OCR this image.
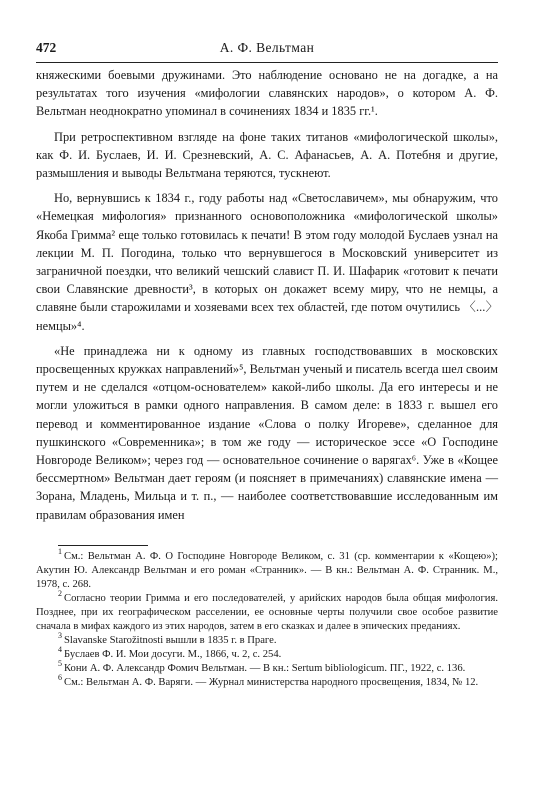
472	А. Ф. Вельтман

княжескими боевыми дружинами. Это наблюдение основано не на догадке, а на результатах того изучения «мифологии славянских народов», о котором А. Ф. Вельтман неоднократно упоминал в сочинениях 1834 и 1835 гг.¹.

При ретроспективном взгляде на фоне таких титанов «мифологической школы», как Ф. И. Буслаев, И. И. Срезневский, А. С. Афанасьев, А. А. Потебня и другие, размышления и выводы Вельтмана теряются, тускнеют.

Но, вернувшись к 1834 г., году работы над «Светославичем», мы обнаружим, что «Немецкая мифология» признанного основоположника «мифологической школы» Якоба Гримма² еще только готовилась к печати! В этом году молодой Буслаев узнал на лекции М. П. Погодина, только что вернувшегося в Московский университет из заграничной поездки, что великий чешский славист П. И. Шафарик «готовит к печати свои Славянские древности³, в которых он докажет всему миру, что не немцы, а славяне были старожилами и хозяевами всех тех областей, где потом очутились 〈...〉 немцы»⁴.

«Не принадлежа ни к одному из главных господствовавших в московских просвещенных кружках направлений»⁵, Вельтман ученый и писатель всегда шел своим путем и не сделался «отцом-основателем» какой-либо школы. Да его интересы и не могли уложиться в рамки одного направления. В самом деле: в 1833 г. вышел его перевод и комментированное издание «Слова о полку Игореве», сделанное для пушкинского «Современника»; в том же году — историческое эссе «О Господине Новгороде Великом»; через год — основательное сочинение о варягах⁶. Уже в «Кощее бессмертном» Вельтман дает героям (и поясняет в примечаниях) славянские имена — Зорана, Младень, Мильца и т. п., — наиболее соответствовавшие исследованным им правилам образования имен

$^1$ См.: Вельтман А. Ф. О Господине Новгороде Великом, с. 31 (ср. комментарии к «Кощею»); Акутин Ю. Александр Вельтман и его роман «Странник». — В кн.: Вельтман А. Ф. Странник. М., 1978, с. 268.

$^2$ Согласно теории Гримма и его последователей, у арийских народов была общая мифология. Позднее, при их географическом расселении, ее основные черты получили свое особое развитие сначала в мифах каждого из этих народов, затем в его сказках и далее в эпических преданиях.

$^3$ Slavanske Starožitnosti вышли в 1835 г. в Праге.

$^4$ Буслаев Ф. И. Мои досуги. М., 1866, ч. 2, с. 254.

$^5$ Кони А. Ф. Александр Фомич Вельтман. — В кн.: Sertum bibliologicum. ПГ., 1922, с. 136.

$^6$ См.: Вельтман А. Ф. Варяги. — Журнал министерства народного просвещения, 1834, № 12.
